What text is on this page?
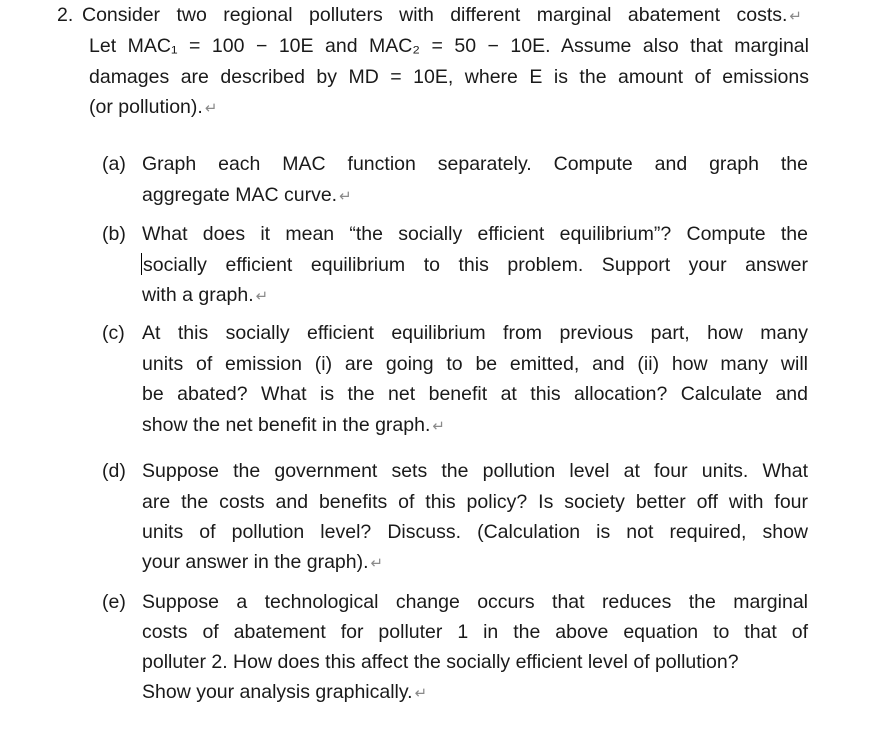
2. Consider two regional polluters with different marginal abatement costs. ↵
Let MAC₁ = 100 − 10E and MAC₂ = 50 − 10E. Assume also that marginal
damages are described by MD = 10E, where E is the amount of emissions
(or pollution). ↵
(a) Graph each MAC function separately. Compute and graph the
aggregate MAC curve. ↵
(b) What does it mean “the socially efficient equilibrium”? Compute the
socially efficient equilibrium to this problem. Support your answer
with a graph. ↵
(c) At this socially efficient equilibrium from previous part, how many
units of emission (i) are going to be emitted, and (ii) how many will
be abated? What is the net benefit at this allocation? Calculate and
show the net benefit in the graph. ↵
(d) Suppose the government sets the pollution level at four units. What
are the costs and benefits of this policy? Is society better off with four
units of pollution level? Discuss. (Calculation is not required, show
your answer in the graph). ↵
(e) Suppose a technological change occurs that reduces the marginal
costs of abatement for polluter 1 in the above equation to that of
polluter 2. How does this affect the socially efficient level of pollution?
Show your analysis graphically. ↵
